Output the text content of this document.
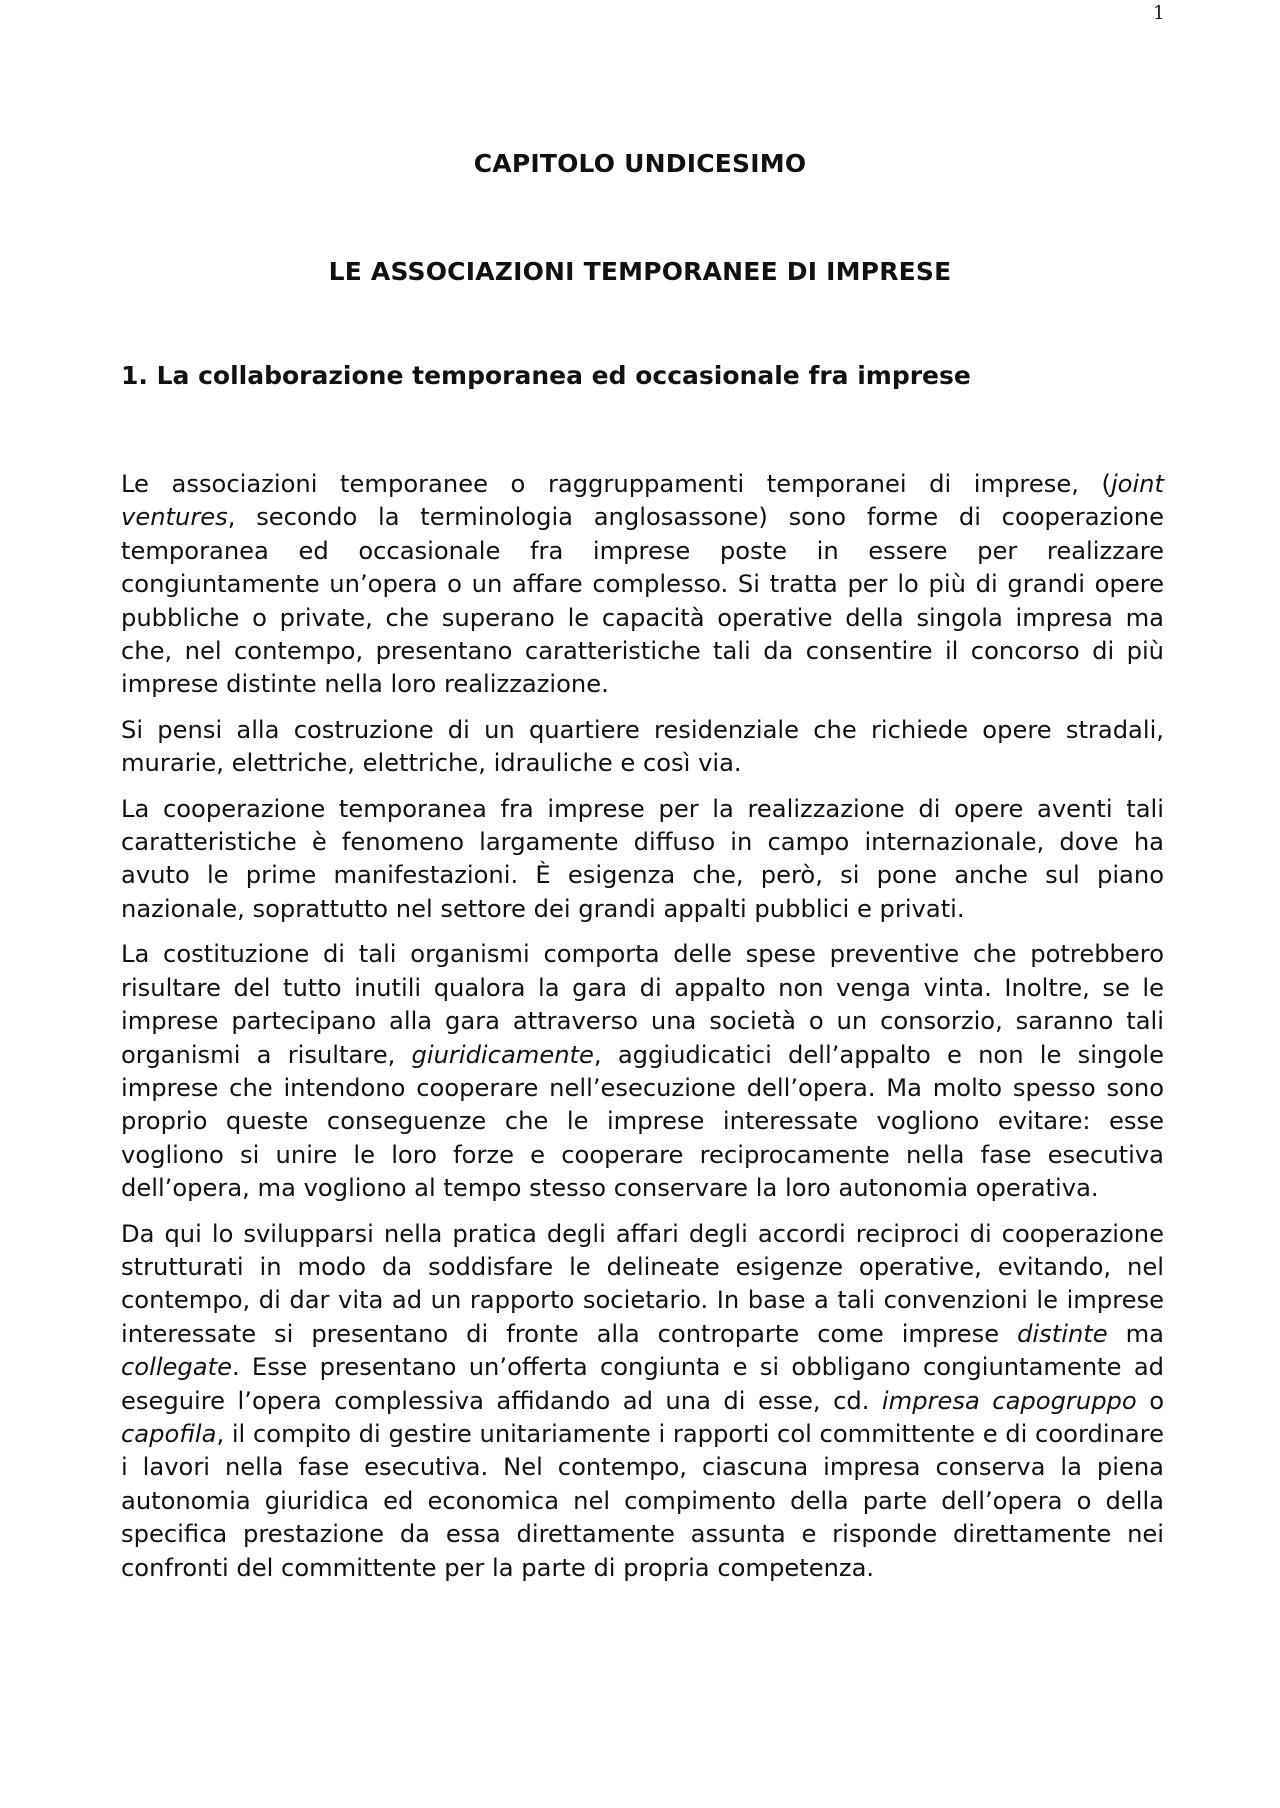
1
CAPITOLO UNDICESIMO
LE ASSOCIAZIONI TEMPORANEE DI IMPRESE
1. La collaborazione temporanea ed occasionale fra imprese

Le associazioni temporanee o raggruppamenti temporanei di imprese, (joint ventures, secondo la terminologia anglosassone) sono forme di cooperazione temporanea ed occasionale fra imprese poste in essere per realizzare congiuntamente un’opera o un affare complesso. Si tratta per lo più di grandi opere pubbliche o private, che superano le capacità operative della singola impresa ma che, nel contempo, presentano caratteristiche tali da consentire il concorso di più imprese distinte nella loro realizzazione.

Si pensi alla costruzione di un quartiere residenziale che richiede opere stradali, murarie, elettriche, elettriche, idrauliche e così via.

La cooperazione temporanea fra imprese per la realizzazione di opere aventi tali caratteristiche è fenomeno largamente diffuso in campo internazionale, dove ha avuto le prime manifestazioni. È esigenza che, però, si pone anche sul piano nazionale, soprattutto nel settore dei grandi appalti pubblici e privati.

La costituzione di tali organismi comporta delle spese preventive che potrebbero risultare del tutto inutili qualora la gara di appalto non venga vinta. Inoltre, se le imprese partecipano alla gara attraverso una società o un consorzio, saranno tali organismi a risultare, giuridicamente, aggiudicatici dell’appalto e non le singole imprese che intendono cooperare nell’esecuzione dell’opera. Ma molto spesso sono proprio queste conseguenze che le imprese interessate vogliono evitare: esse vogliono si unire le loro forze e cooperare reciprocamente nella fase esecutiva dell’opera, ma vogliono al tempo stesso conservare la loro autonomia operativa.

Da qui lo svilupparsi nella pratica degli affari degli accordi reciproci di cooperazione strutturati in modo da soddisfare le delineate esigenze operative, evitando, nel contempo, di dar vita ad un rapporto societario. In base a tali convenzioni le imprese interessate si presentano di fronte alla controparte come imprese distinte ma collegate. Esse presentano un’offerta congiunta e si obbligano congiuntamente ad eseguire l’opera complessiva affidando ad una di esse, cd. impresa capogruppo o capofila, il compito di gestire unitariamente i rapporti col committente e di coordinare i lavori nella fase esecutiva. Nel contempo, ciascuna impresa conserva la piena autonomia giuridica ed economica nel compimento della parte dell’opera o della specifica prestazione da essa direttamente assunta e risponde direttamente nei confronti del committente per la parte di propria competenza.
